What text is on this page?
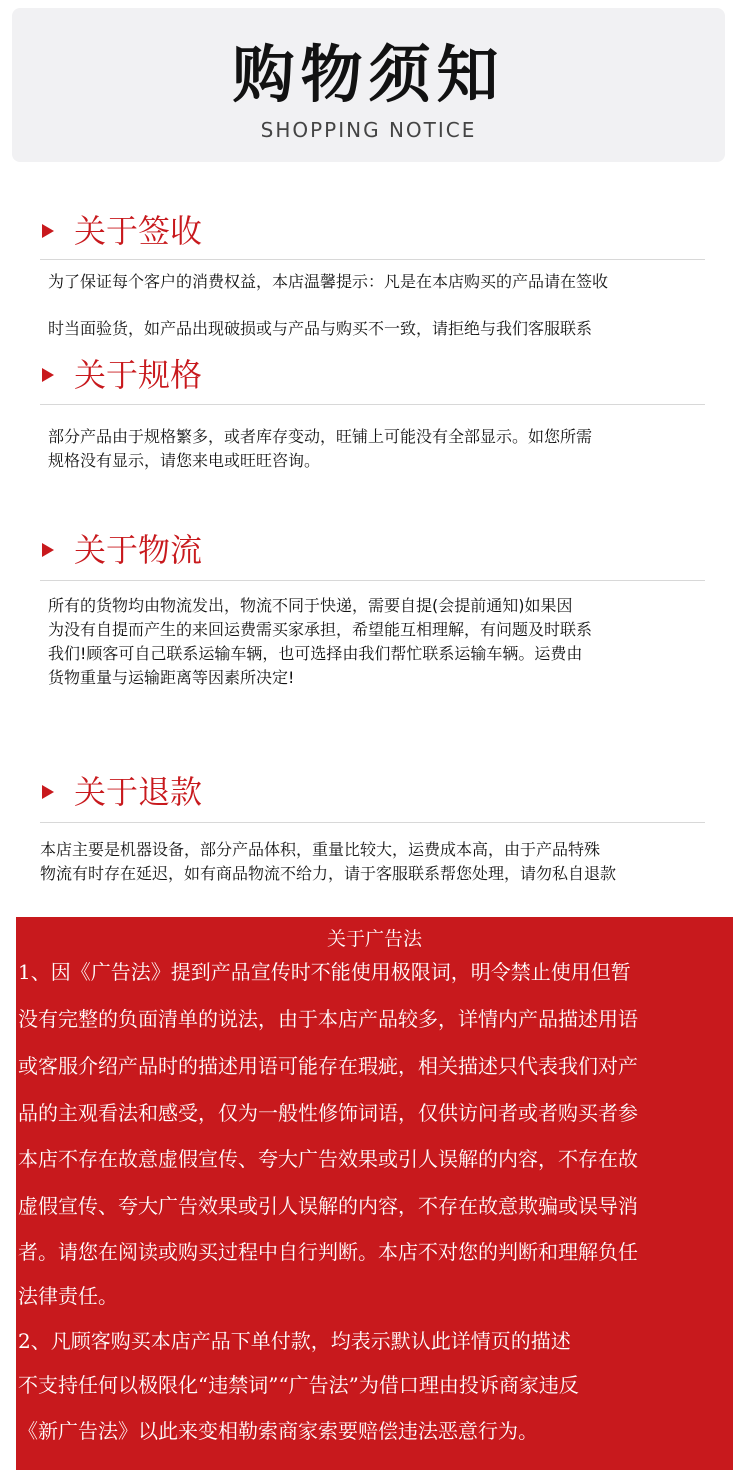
购物须知
SHOPPING NOTICE
关于签收
为了保证每个客户的消费权益，本店温馨提示：凡是在本店购买的产品请在签收
时当面验货，如产品出现破损或与产品与购买不一致，请拒绝与我们客服联系
关于规格
部分产品由于规格繁多，或者库存变动，旺铺上可能没有全部显示。如您所需
规格没有显示，请您来电或旺旺咨询。
关于物流
所有的货物均由物流发出，物流不同于快递，需要自提(会提前通知)如果因
为没有自提而产生的来回运费需买家承担，希望能互相理解，有问题及时联系
我们!顾客可自己联系运输车辆，也可选择由我们帮忙联系运输车辆。运费由
货物重量与运输距离等因素所决定!
关于退款
本店主要是机器设备，部分产品体积，重量比较大，运费成本高，由于产品特殊
物流有时存在延迟，如有商品物流不给力，请于客服联系帮您处理，请勿私自退款
关于广告法
1、因《广告法》提到产品宣传时不能使用极限词，明令禁止使用但暂
没有完整的负面清单的说法，由于本店产品较多，详情内产品描述用语
或客服介绍产品时的描述用语可能存在瑕疵，相关描述只代表我们对产
品的主观看法和感受，仅为一般性修饰词语，仅供访问者或者购买者参
本店不存在故意虚假宣传、夸大广告效果或引人误解的内容，不存在故
虚假宣传、夸大广告效果或引人误解的内容，不存在故意欺骗或误导消
者。请您在阅读或购买过程中自行判断。本店不对您的判断和理解负任
法律责任。
2、凡顾客购买本店产品下单付款，均表示默认此详情页的描述
不支持任何以极限化“违禁词”“广告法”为借口理由投诉商家违反
《新广告法》以此来变相勒索商家索要赔偿违法恶意行为。
